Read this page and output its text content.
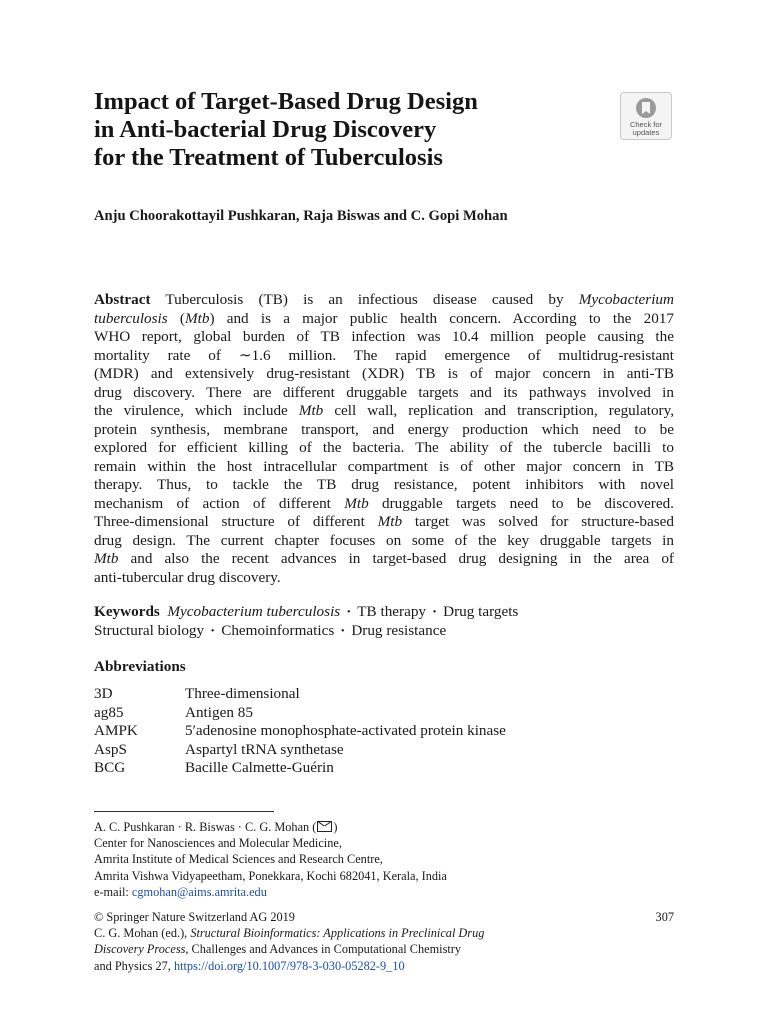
Impact of Target-Based Drug Design
in Anti-bacterial Drug Discovery
for the Treatment of Tuberculosis
Check for
updates

Anju Choorakottayil Pushkaran, Raja Biswas and C. Gopi Mohan

Abstract Tuberculosis (TB) is an infectious disease caused by Mycobacterium
tuberculosis (Mtb) and is a major public health concern. According to the 2017
WHO report, global burden of TB infection was 10.4 million people causing the
mortality rate of ∼1.6 million. The rapid emergence of multidrug-resistant
(MDR) and extensively drug-resistant (XDR) TB is of major concern in anti-TB
drug discovery. There are different druggable targets and its pathways involved in
the virulence, which include Mtb cell wall, replication and transcription, regulatory,
protein synthesis, membrane transport, and energy production which need to be
explored for efficient killing of the bacteria. The ability of the tubercle bacilli to
remain within the host intracellular compartment is of other major concern in TB
therapy. Thus, to tackle the TB drug resistance, potent inhibitors with novel
mechanism of action of different Mtb druggable targets need to be discovered.
Three-dimensional structure of different Mtb target was solved for structure-based
drug design. The current chapter focuses on some of the key druggable targets in
Mtb and also the recent advances in target-based drug designing in the area of
anti-tubercular drug discovery.
Keywords Mycobacterium tuberculosis · TB therapy · Drug targets
Structural biology · Chemoinformatics · Drug resistance
Abbreviations
3D	Three-dimensional
ag85	Antigen 85
AMPK	5′adenosine monophosphate-activated protein kinase
AspS	Aspartyl tRNA synthetase
BCG	Bacille Calmette-Guérin
A. C. Pushkaran · R. Biswas · C. G. Mohan ( )
Center for Nanosciences and Molecular Medicine,
Amrita Institute of Medical Sciences and Research Centre,
Amrita Vishwa Vidyapeetham, Ponekkara, Kochi 682041, Kerala, India
e-mail: cgmohan@aims.amrita.edu
© Springer Nature Switzerland AG 2019
C. G. Mohan (ed.), Structural Bioinformatics: Applications in Preclinical Drug
Discovery Process, Challenges and Advances in Computational Chemistry
and Physics 27, https://doi.org/10.1007/978-3-030-05282-9_10
307
